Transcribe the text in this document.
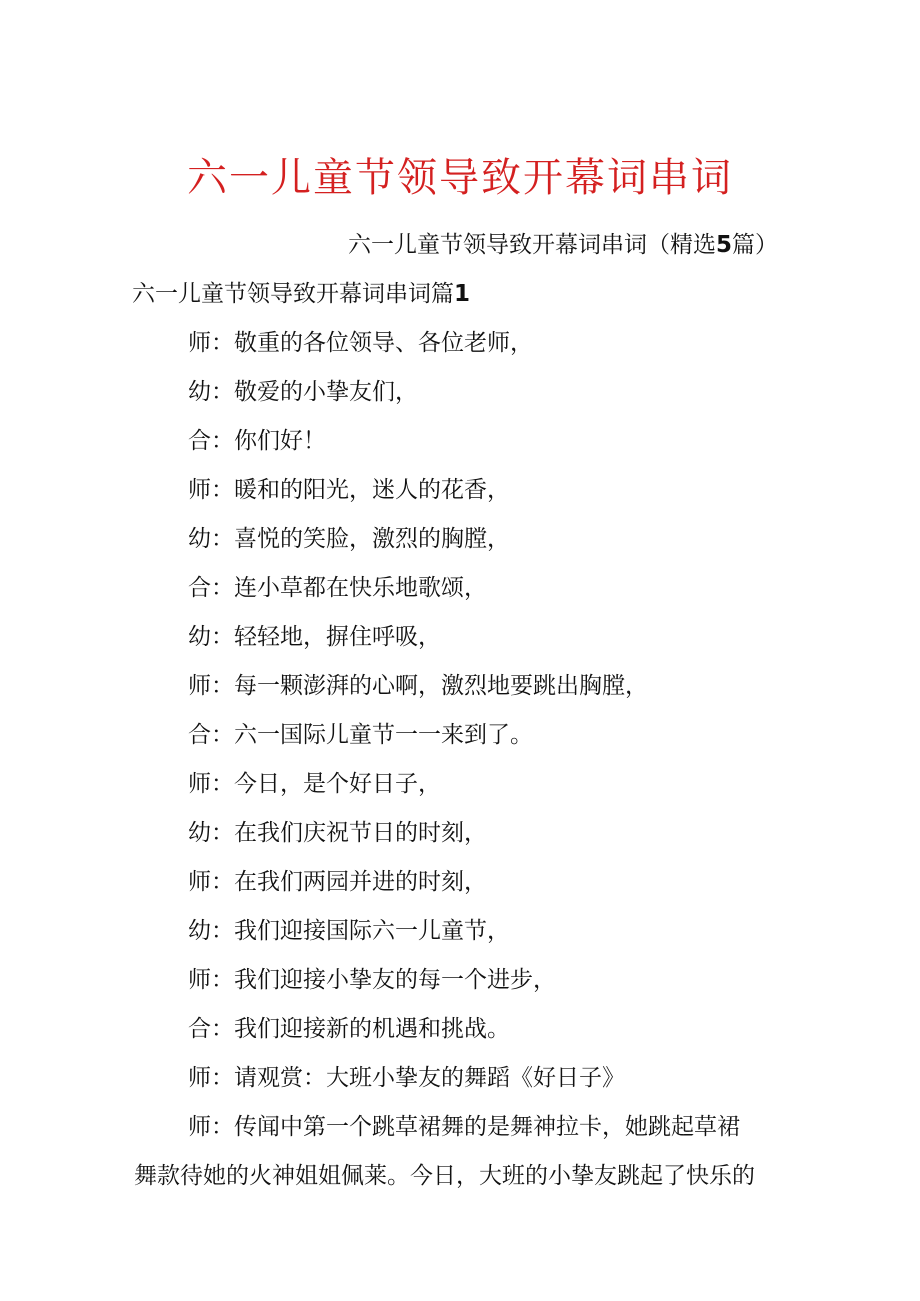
六一儿童节领导致开幕词串词

六一儿童节领导致开幕词串词（精选5篇）

六一儿童节领导致开幕词串词篇1

师：敬重的各位领导、各位老师，

幼：敬爱的小挚友们，

合：你们好！

师：暖和的阳光，迷人的花香，

幼：喜悦的笑脸，激烈的胸膛，

合：连小草都在快乐地歌颂，

幼：轻轻地，摒住呼吸，

师：每一颗澎湃的心啊，激烈地要跳出胸膛，

合：六一国际儿童节一一来到了。

师：今日，是个好日子，

幼：在我们庆祝节日的时刻，

师：在我们两园并进的时刻，

幼：我们迎接国际六一儿童节，

师：我们迎接小挚友的每一个进步，

合：我们迎接新的机遇和挑战。

师：请观赏：大班小挚友的舞蹈《好日子》

师：传闻中第一个跳草裙舞的是舞神拉卡，她跳起草裙

舞款待她的火神姐姐佩莱。今日，大班的小挚友跳起了快乐的
